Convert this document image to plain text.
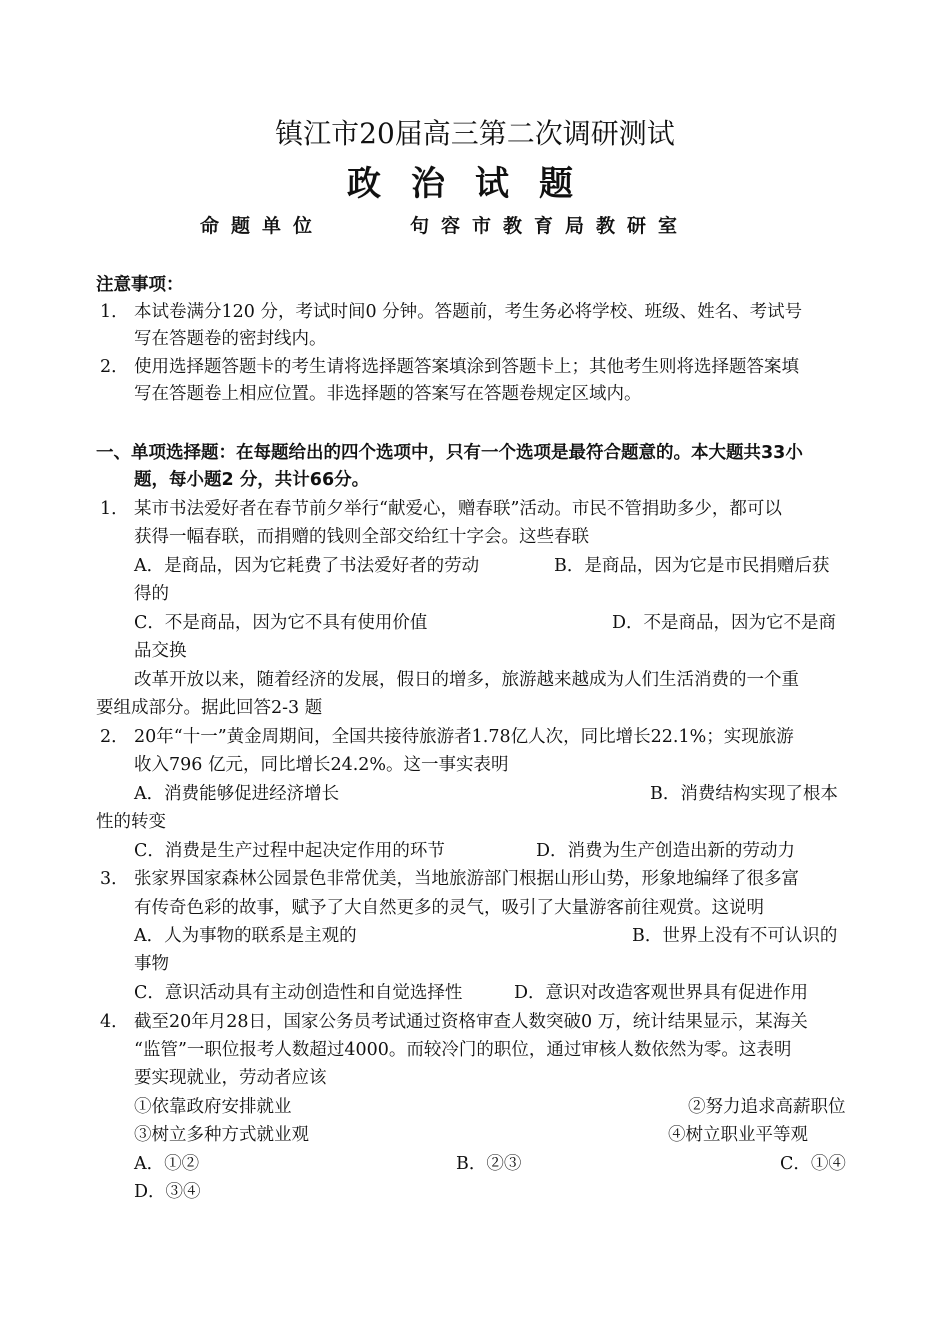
镇江市20届高三第二次调研测试
政治试题
命题单位	句容市教育局教研室
注意事项：
1． 本试卷满分120 分，考试时间0 分钟。答题前，考生务必将学校、班级、姓名、考试号
写在答题卷的密封线内。
2． 使用选择题答题卡的考生请将选择题答案填涂到答题卡上；其他考生则将选择题答案填
写在答题卷上相应位置。非选择题的答案写在答题卷规定区域内。
一、单项选择题：在每题给出的四个选项中，只有一个选项是最符合题意的。本大题共33小
题，每小题2 分，共计66分。
1． 某市书法爱好者在春节前夕举行“献爱心，赠春联”活动。市民不管捐助多少，都可以
获得一幅春联，而捐赠的钱则全部交给红十字会。这些春联
A．是商品，因为它耗费了书法爱好者的劳动	B．是商品，因为它是市民捐赠后获
得的
C．不是商品，因为它不具有使用价值	D．不是商品，因为它不是商
品交换
改革开放以来，随着经济的发展，假日的增多，旅游越来越成为人们生活消费的一个重
要组成部分。据此回答2-3 题
2． 20年“十一”黄金周期间，全国共接待旅游者1.78亿人次，同比增长22.1%；实现旅游
收入796 亿元，同比增长24.2%。这一事实表明
A．消费能够促进经济增长	B．消费结构实现了根本
性的转变
C．消费是生产过程中起决定作用的环节	D．消费为生产创造出新的劳动力
3． 张家界国家森林公园景色非常优美，当地旅游部门根据山形山势，形象地编绎了很多富
有传奇色彩的故事，赋予了大自然更多的灵气，吸引了大量游客前往观赏。这说明
A．人为事物的联系是主观的	B．世界上没有不可认识的
事物
C．意识活动具有主动创造性和自觉选择性	D．意识对改造客观世界具有促进作用
4． 截至20年月28日，国家公务员考试通过资格审查人数突破0 万，统计结果显示，某海关
“监管”一职位报考人数超过4000。而较冷门的职位，通过审核人数依然为零。这表明
要实现就业，劳动者应该
①依靠政府安排就业	②努力追求高薪职位
③树立多种方式就业观	④树立职业平等观
A．①②	B．②③	C．①④
D．③④
